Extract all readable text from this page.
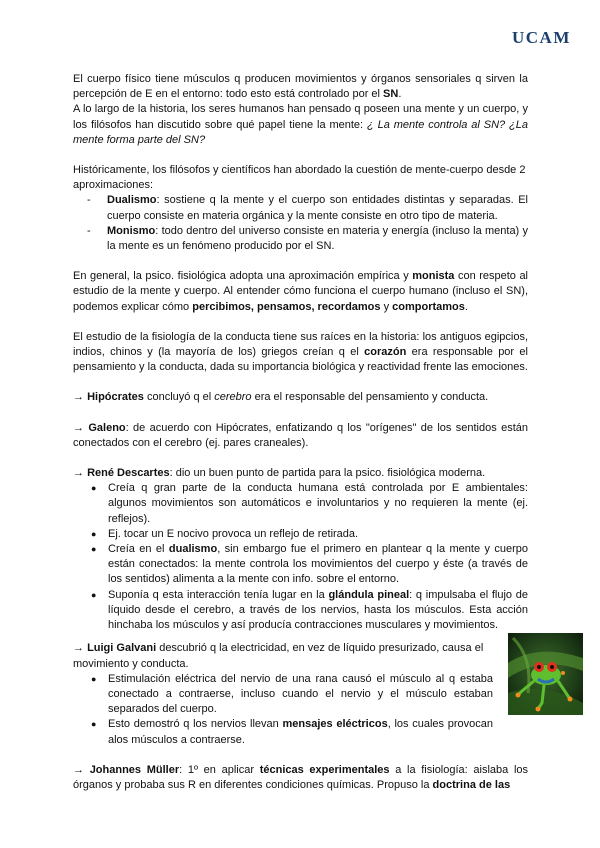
UCAM

El cuerpo físico tiene músculos q producen movimientos y órganos sensoriales q sirven la percepción de E en el entorno: todo esto está controlado por el SN.

A lo largo de la historia, los seres humanos han pensado q poseen una mente y un cuerpo, y los filósofos han discutido sobre qué papel tiene la mente: ¿ La mente controla al SN? ¿La mente forma parte del SN?

Históricamente, los filósofos y científicos han abordado la cuestión de mente-cuerpo desde 2 aproximaciones:

-	Dualismo: sostiene q la mente y el cuerpo son entidades distintas y separadas. El cuerpo consiste en materia orgánica y la mente consiste en otro tipo de materia.
-	Monismo: todo dentro del universo consiste en materia y energía (incluso la menta) y la mente es un fenómeno producido por el SN.

En general, la psico. fisiológica adopta una aproximación empírica y monista con respeto al estudio de la mente y cuerpo. Al entender cómo funciona el cuerpo humano (incluso el SN), podemos explicar cómo percibimos, pensamos, recordamos y comportamos.

El estudio de la fisiología de la conducta tiene sus raíces en la historia: los antiguos egipcios, indios, chinos y (la mayoría de los) griegos creían q el corazón era responsable por el pensamiento y la conducta, dada su importancia biológica y reactividad frente las emociones.

→ Hipócrates concluyó q el cerebro era el responsable del pensamiento y conducta.

→ Galeno: de acuerdo con Hipócrates, enfatizando q los "orígenes" de los sentidos están conectados con el cerebro (ej. pares craneales).

→ René Descartes: dio un buen punto de partida para la psico. fisiológica moderna.

●	Creía q gran parte de la conducta humana está controlada por E ambientales: algunos movimientos son automáticos e involuntarios y no requieren la mente (ej. reflejos).
●	Ej. tocar un E nocivo provoca un reflejo de retirada.
●	Creía en el dualismo, sin embargo fue el primero en plantear q la mente y cuerpo están conectados: la mente controla los movimientos del cuerpo y éste (a través de los sentidos) alimenta a la mente con info. sobre el entorno.
●	Suponía q esta interacción tenía lugar en la glándula pineal: q impulsaba el flujo de líquido desde el cerebro, a través de los nervios, hasta los músculos. Esta acción hinchaba los músculos y así producía contracciones musculares y movimientos.

→ Luigi Galvani descubrió q la electricidad, en vez de líquido presurizado, causa el movimiento y conducta.

●	Estimulación eléctrica del nervio de una rana causó el músculo al q estaba conectado a contraerse, incluso cuando el nervio y el músculo estaban separados del cuerpo.
●	Esto demostró q los nervios llevan mensajes eléctricos, los cuales provocan alos músculos a contraerse.

→ Johannes Müller: 1º en aplicar técnicas experimentales a la fisiología: aislaba los órganos y probaba sus R en diferentes condiciones químicas. Propuso la doctrina de las
